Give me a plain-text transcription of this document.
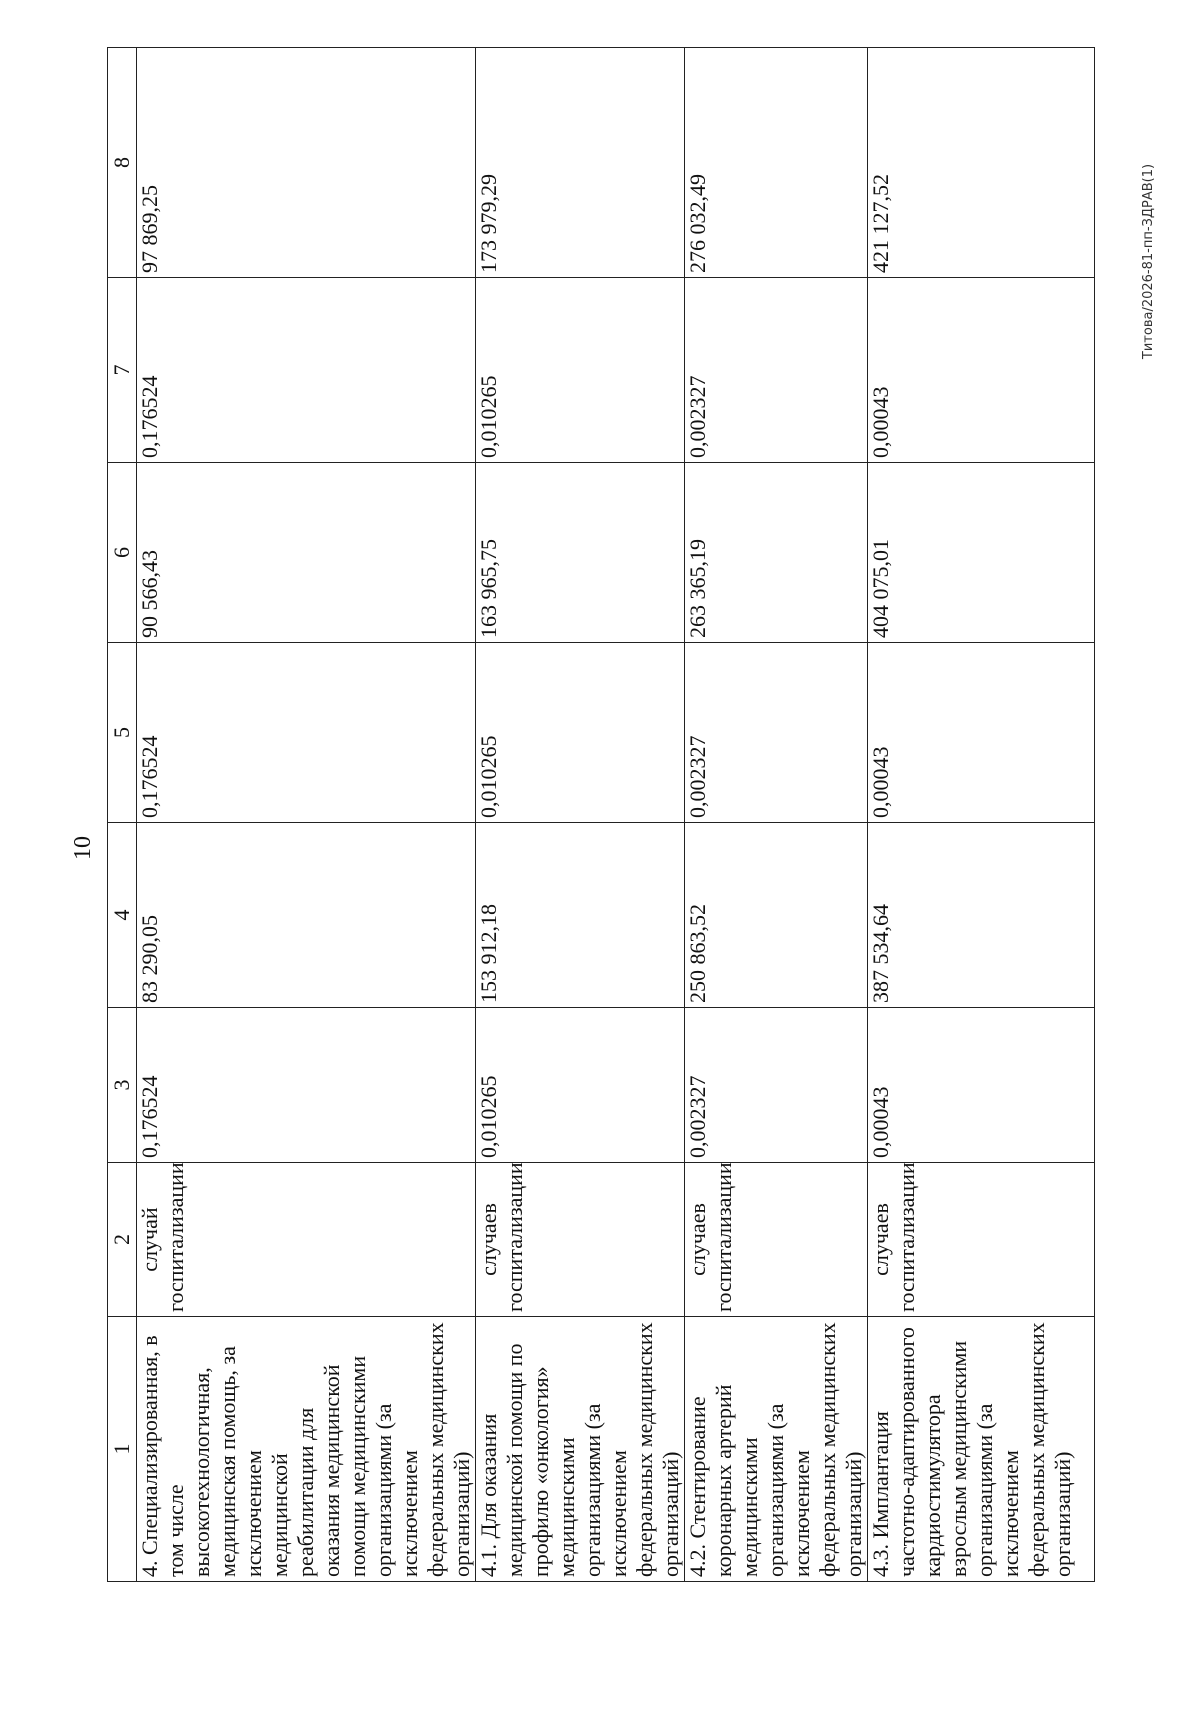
10
1	2	3	4	5	6	7	8
4. Специализированная, в том числе высокотехнологичная, медицинская помощь, за исключением медицинской реабилитации для оказания медицинской помощи медицинскими организациями (за исключением федеральных медицинских организаций)	случай госпитализации	0,176524	83 290,05	0,176524	90 566,43	0,176524	97 869,25
4.1. Для оказания медицинской помощи по профилю «онкология» медицинскими организациями (за исключением федеральных медицинских организаций)	случаев госпитализации	0,010265	153 912,18	0,010265	163 965,75	0,010265	173 979,29
4.2. Стентирование коронарных артерий медицинскими организациями (за исключением федеральных медицинских организаций)	случаев госпитализации	0,002327	250 863,52	0,002327	263 365,19	0,002327	276 032,49
4.3. Имплантация частотно-адаптированного кардиостимулятора взрослым медицинскими организациями (за исключением федеральных медицинских организаций)	случаев госпитализации	0,00043	387 534,64	0,00043	404 075,01	0,00043	421 127,52	Титова/2026-81-пп-ЗДРАВ(1)
